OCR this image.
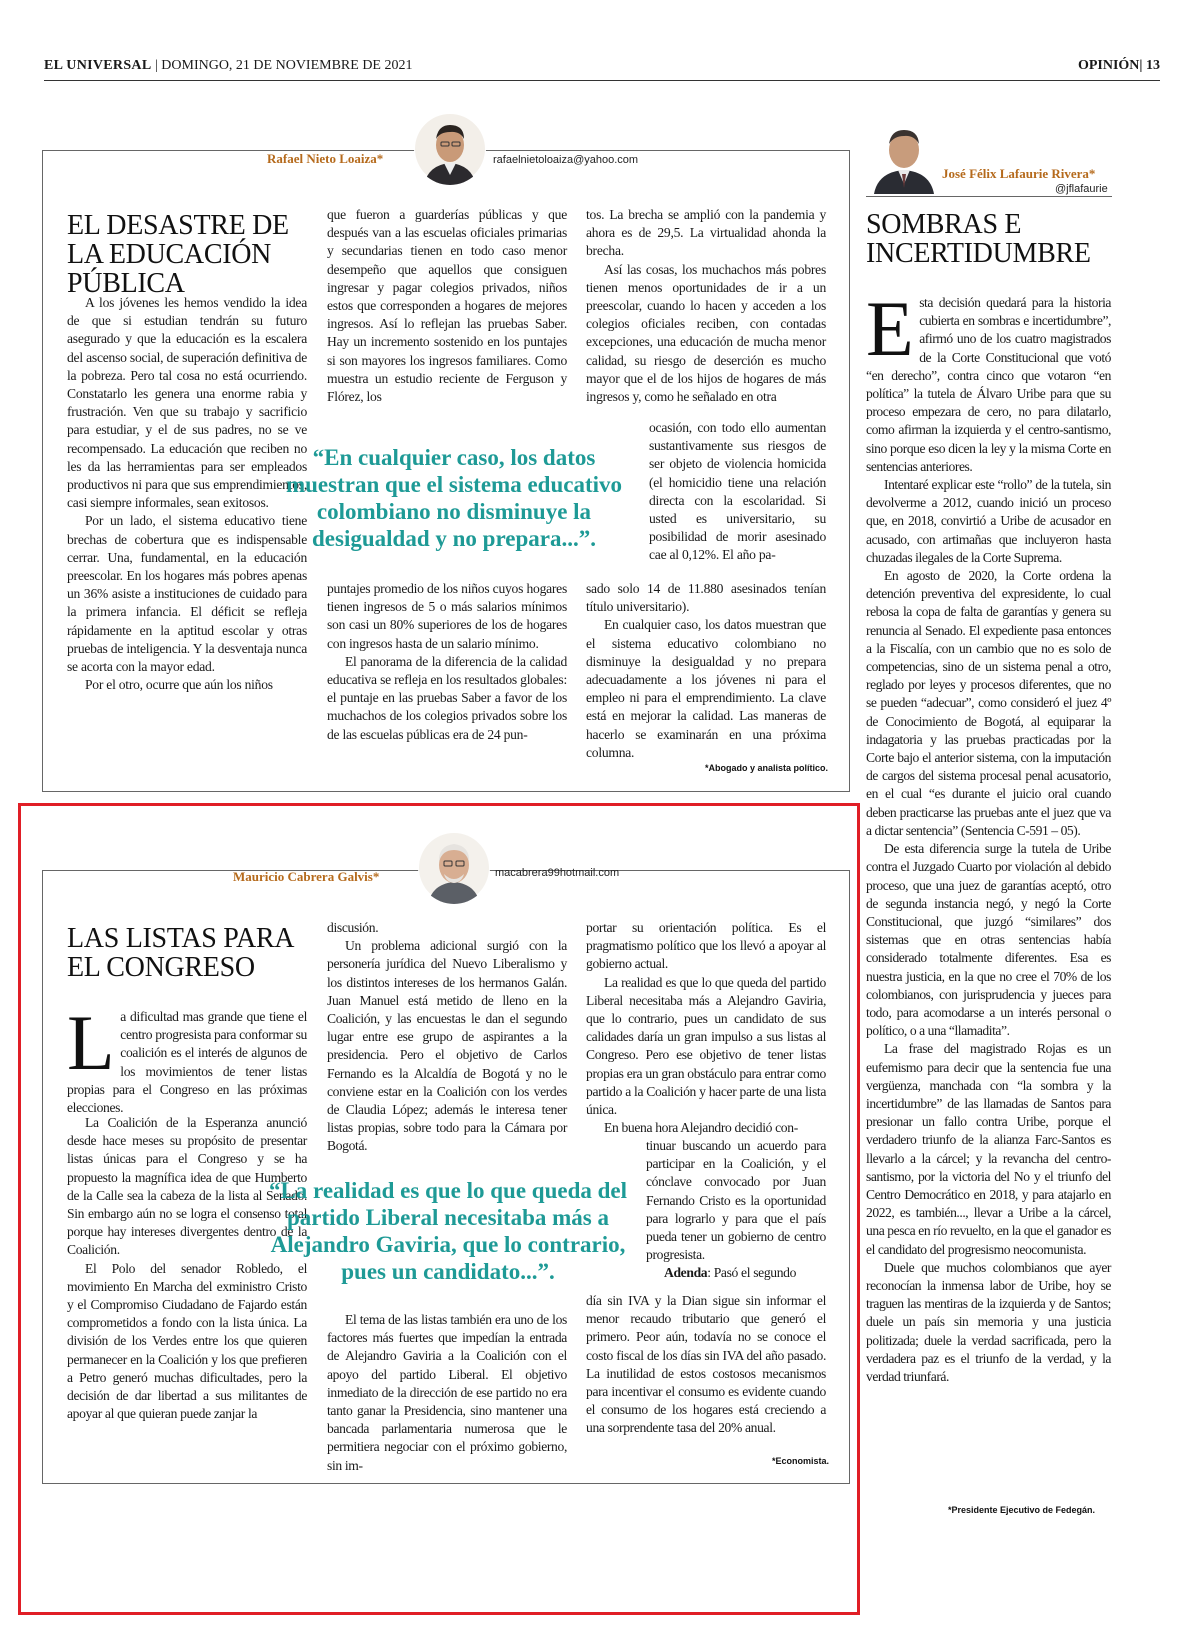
EL UNIVERSAL | DOMINGO, 21 DE NOVIEMBRE DE 2021	OPINIÓN| 13
Rafael Nieto Loaiza*	rafaelnietoloaiza@yahoo.com
EL DESASTRE DE LA EDUCACIÓN PÚBLICA

A los jóvenes les hemos vendido la idea de que si estudian tendrán su futuro asegurado y que la educación es la escalera del ascenso social, de superación definitiva de la pobreza. Pero tal cosa no está ocurriendo. Constatarlo les genera una enorme rabia y frustración. Ven que su trabajo y sacrificio para estudiar, y el de sus padres, no se ve recompensado. La educación que reciben no les da las herramientas para ser empleados productivos ni para que sus emprendimientos, casi siempre informales, sean exitosos.

Por un lado, el sistema educativo tiene brechas de cobertura que es indispensable cerrar. Una, fundamental, en la educación preescolar. En los hogares más pobres apenas un 36% asiste a instituciones de cuidado para la primera infancia. El déficit se refleja rápidamente en la aptitud escolar y otras pruebas de inteligencia. Y la desventaja nunca se acorta con la mayor edad.

Por el otro, ocurre que aún los niños

que fueron a guarderías públicas y que después van a las escuelas oficiales primarias y secundarias tienen en todo caso menor desempeño que aquellos que consiguen ingresar y pagar colegios privados, niños estos que corresponden a hogares de mejores ingresos. Así lo reflejan las pruebas Saber. Hay un incremento sostenido en los puntajes si son mayores los ingresos familiares. Como muestra un estudio reciente de Ferguson y Flórez, los

“En cualquier caso, los datos muestran que el sistema educativo colombiano no disminuye la desigualdad y no prepara...”.

puntajes promedio de los niños cuyos hogares tienen ingresos de 5 o más salarios mínimos son casi un 80% superiores de los de hogares con ingresos hasta de un salario mínimo.

El panorama de la diferencia de la calidad educativa se refleja en los resultados globales: el puntaje en las pruebas Saber a favor de los muchachos de los colegios privados sobre los de las escuelas públicas era de 24 pun-

tos. La brecha se amplió con la pandemia y ahora es de 29,5. La virtualidad ahonda la brecha.

Así las cosas, los muchachos más pobres tienen menos oportunidades de ir a un preescolar, cuando lo hacen y acceden a los colegios oficiales reciben, con contadas excepciones, una educación de mucha menor calidad, su riesgo de deserción es mucho mayor que el de los hijos de hogares de más ingresos y, como he señalado en otra

ocasión, con todo ello aumentan sustantivamente sus riesgos de ser objeto de violencia homicida (el homicidio tiene una relación directa con la escolaridad. Si usted es universitario, su posibilidad de morir asesinado cae al 0,12%. El año pa-

sado solo 14 de 11.880 asesinados tenían título universitario).

En cualquier caso, los datos muestran que el sistema educativo colombiano no disminuye la desigualdad y no prepara adecuadamente a los jóvenes ni para el empleo ni para el emprendimiento. La clave está en mejorar la calidad. Las maneras de hacerlo se examinarán en una próxima columna.

*Abogado y analista político.
José Félix Lafaurie Rivera*
@jflafaurie
SOMBRAS E INCERTIDUMBRE

Esta decisión quedará para la historia cubierta en sombras e incertidumbre”, afirmó uno de los cuatro magistrados de la Corte Constitucional que votó “en derecho”, contra cinco que votaron “en política” la tutela de Álvaro Uribe para que su proceso empezara de cero, no para dilatarlo, como afirman la izquierda y el centro-santismo, sino porque eso dicen la ley y la misma Corte en sentencias anteriores.

Intentaré explicar este “rollo” de la tutela, sin devolverme a 2012, cuando inició un proceso que, en 2018, convirtió a Uribe de acusador en acusado, con artimañas que incluyeron hasta chuzadas ilegales de la Corte Suprema.

En agosto de 2020, la Corte ordena la detención preventiva del expresidente, lo cual rebosa la copa de falta de garantías y genera su renuncia al Senado. El expediente pasa entonces a la Fiscalía, con un cambio que no es solo de competencias, sino de un sistema penal a otro, reglado por leyes y procesos diferentes, que no se pueden “adecuar”, como consideró el juez 4º de Conocimiento de Bogotá, al equiparar la indagatoria y las pruebas practicadas por la Corte bajo el anterior sistema, con la imputación de cargos del sistema procesal penal acusatorio, en el cual “es durante el juicio oral cuando deben practicarse las pruebas ante el juez que va a dictar sentencia” (Sentencia C-591 – 05).

De esta diferencia surge la tutela de Uribe contra el Juzgado Cuarto por violación al debido proceso, que una juez de garantías aceptó, otro de segunda instancia negó, y negó la Corte Constitucional, que juzgó “similares” dos sistemas que en otras sentencias había considerado totalmente diferentes. Esa es nuestra justicia, en la que no cree el 70% de los colombianos, con jurisprudencia y jueces para todo, para acomodarse a un interés personal o político, o a una “llamadita”.

La frase del magistrado Rojas es un eufemismo para decir que la sentencia fue una vergüenza, manchada con “la sombra y la incertidumbre” de las llamadas de Santos para presionar un fallo contra Uribe, porque el verdadero triunfo de la alianza Farc-Santos es llevarlo a la cárcel; y la revancha del centro-santismo, por la victoria del No y el triunfo del Centro Democrático en 2018, y para atajarlo en 2022, es también..., llevar a Uribe a la cárcel, una pesca en río revuelto, en la que el ganador es el candidato del progresismo neocomunista.

Duele que muchos colombianos que ayer reconocían la inmensa labor de Uribe, hoy se traguen las mentiras de la izquierda y de Santos; duele un país sin memoria y una justicia politizada; duele la verdad sacrificada, pero la verdadera paz es el triunfo de la verdad, y la verdad triunfará.

*Presidente Ejecutivo de Fedegán.
Mauricio Cabrera Galvis*	macabrera99hotmail.com
LAS LISTAS PARA EL CONGRESO

La dificultad mas grande que tiene el centro progresista para conformar su coalición es el interés de algunos de los movimientos de tener listas propias para el Congreso en las próximas elecciones.

La Coalición de la Esperanza anunció desde hace meses su propósito de presentar listas únicas para el Congreso y se ha propuesto la magnífica idea de que Humberto de la Calle sea la cabeza de la lista al Senado. Sin embargo aún no se logra el consenso total porque hay intereses divergentes dentro de la Coalición.

El Polo del senador Robledo, el movimiento En Marcha del exministro Cristo y el Compromiso Ciudadano de Fajardo están comprometidos a fondo con la lista única. La división de los Verdes entre los que quieren permanecer en la Coalición y los que prefieren a Petro generó muchas dificultades, pero la decisión de dar libertad a sus militantes de apoyar al que quieran puede zanjar la

discusión.

Un problema adicional surgió con la personería jurídica del Nuevo Liberalismo y los distintos intereses de los hermanos Galán. Juan Manuel está metido de lleno en la Coalición, y las encuestas le dan el segundo lugar entre ese grupo de aspirantes a la presidencia. Pero el objetivo de Carlos Fernando es la Alcaldía de Bogotá y no le conviene estar en la Coalición con los verdes de Claudia López; además le interesa tener listas propias, sobre todo para la Cámara por Bogotá.

“La realidad es que lo que queda del partido Liberal necesitaba más a Alejandro Gaviria, que lo contrario, pues un candidato...”.

El tema de las listas también era uno de los factores más fuertes que impedían la entrada de Alejandro Gaviria a la Coalición con el apoyo del partido Liberal. El objetivo inmediato de la dirección de ese partido no era tanto ganar la Presidencia, sino mantener una bancada parlamentaria numerosa que le permitiera negociar con el próximo gobierno, sin im-

portar su orientación política. Es el pragmatismo político que los llevó a apoyar al gobierno actual.

La realidad es que lo que queda del partido Liberal necesitaba más a Alejandro Gaviria, que lo contrario, pues un candidato de sus calidades daría un gran impulso a sus listas al Congreso. Pero ese objetivo de tener listas propias era un gran obstáculo para entrar como partido a la Coalición y hacer parte de una lista única.

En buena hora Alejandro decidió con-

tinuar buscando un acuerdo para participar en la Coalición, y el cónclave convocado por Juan Fernando Cristo es la oportunidad para lograrlo y para que el país pueda tener un gobierno de centro progresista.

Adenda: Pasó el segundo

día sin IVA y la Dian sigue sin informar el menor recaudo tributario que generó el primero. Peor aún, todavía no se conoce el costo fiscal de los días sin IVA del año pasado. La inutilidad de estos costosos mecanismos para incentivar el consumo es evidente cuando el consumo de los hogares está creciendo a una sorprendente tasa del 20% anual.

*Economista.
